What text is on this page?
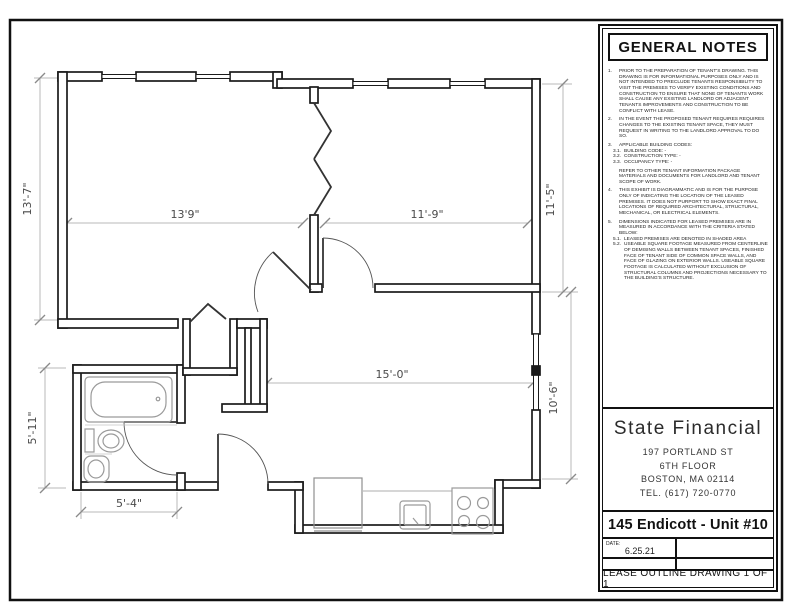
13'-7"	13'9"	11'-9"	11'-5"
15'-0"
10'-6"
5'-11"
5'-4"
GENERAL NOTES
1.	PRIOR TO THE PREPARATION OF TENANT'S DRAWING. THIS DRAWING IS FOR INFORMATIONAL PURPOSES ONLY AND IS NOT INTENDED TO PRECLUDE TENANTS RESPONSIBILITY TO VISIT THE PREMISES TO VERIFY EXISTING CONDITIONS AND CONSTRUCTION TO ENSURE THAT NONE OF TENANTS WORK SHALL CAUSE ANY EXISTING LANDLORD OR ADJACENT TENANTS IMPROVEMENTS AND CONSTRUCTION TO BE CONFLICT WITH LEASE.
2.	IN THE EVENT THE PROPOSED TENANT REQUIRES REQUIRES CHANGES TO THE EXISTING TENANT SPACE, THEY MUST REQUEST IN WRITING TO THE LANDLORD APPROVAL TO DO SO.
3.	APPLICABLE BUILDING CODES:
3.1. BUILDING CODE: -
3.2. CONSTRUCTION TYPE: -
3.3. OCCUPANCY TYPE: -
REFER TO OTHER TENANT INFORMATION PACKAGE MATERIALS AND DOCUMENTS FOR LANDLORD AND TENANT SCOPE OF WORK.
4.	THIS EXHIBIT IS DIAGRAMMATIC AND IS FOR THE PURPOSE ONLY OF INDICATING THE LOCATION OF THE LEASED PREMISES. IT DOES NOT PURPORT TO SHOW EXACT FINAL LOCATIONS OF REQUIRED ARCHITECTURAL, STRUCTURAL, MECHANICAL, OR ELECTRICAL ELEMENTS.
5.	DIMENSIONS INDICATED FOR LEASED PREMISES ARE IN MEASURED IN ACCORDANCE WITH THE CRITERIA STATED BELOW:
5.1. LEASED PREMISES ARE DENOTED IN SHADED AREA
5.2. USEABLE SQUARE FOOTAGE MEASURED FROM CENTERLINE OF DEMISING WALLS BETWEEN TENANT SPACES, FINISHED FACE OF TENANT SIDE OF COMMON SPACE WALLS, AND FACE OF GLAZING ON EXTERIOR WALLS. USEABLE SQUARE FOOTAGE IS CALCULATED WITHOUT EXCLUSION OF STRUCTURAL COLUMNS AND PROJECTIONS NECESSARY TO THE BUILDING'S STRUCTURE.
State Financial
197 PORTLAND ST
6TH FLOOR
BOSTON, MA 02114
TEL. (617) 720-0770
145 Endicott - Unit #10
$^{DATE:}$ 6.25.21
LEASE OUTLINE DRAWING 1 OF 1
